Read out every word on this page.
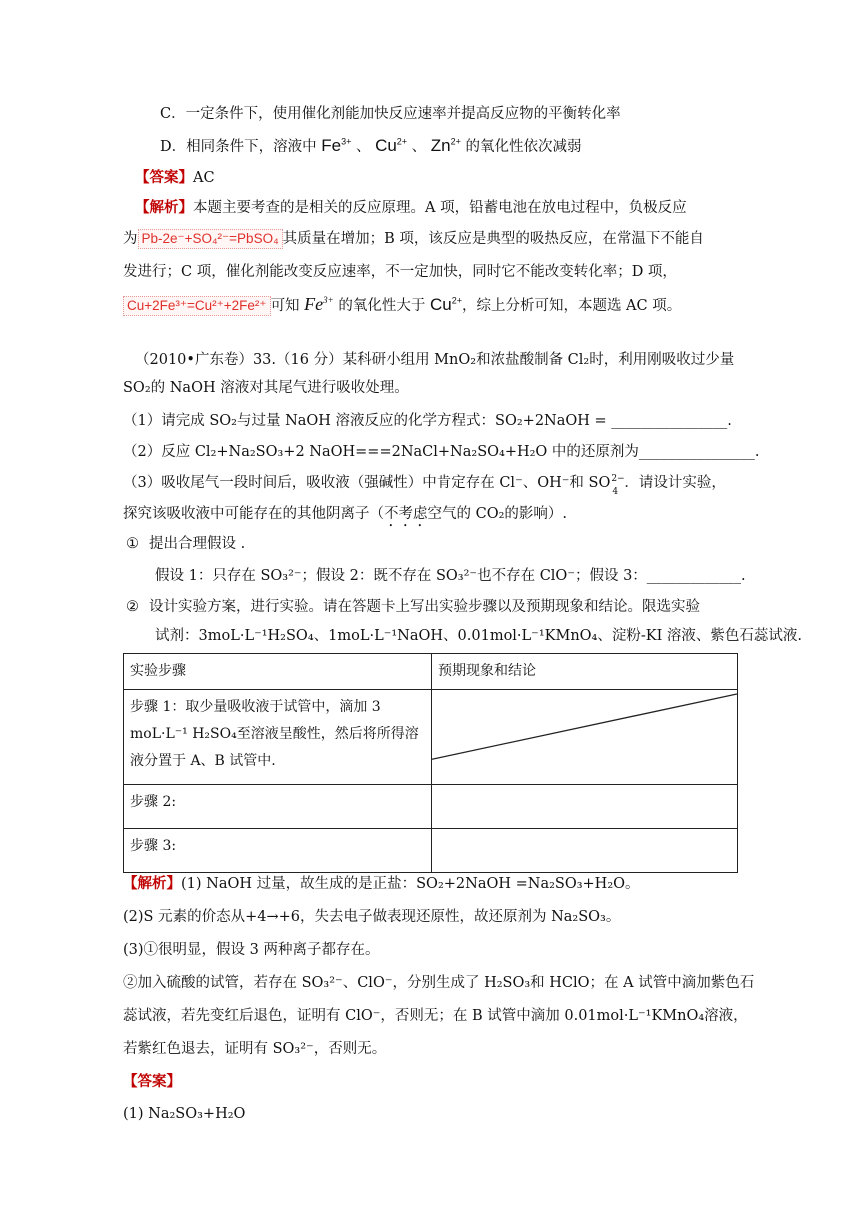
C．一定条件下，使用催化剂能加快反应速率并提高反应物的平衡转化率
D．相同条件下，溶液中 $Fe^{3+}$ 、 $Cu^{2+}$ 、 $Zn^{2+}$ 的氧化性依次减弱
【答案】AC
【解析】本题主要考查的是相关的反应原理。A 项，铅蓄电池在放电过程中，负极反应
为 Pb-2e⁻+SO₄²⁻=PbSO₄ 其质量在增加；B 项，该反应是典型的吸热反应，在常温下不能自
发进行；C 项，催化剂能改变反应速率，不一定加快，同时它不能改变转化率；D 项，
Cu+2Fe³⁺=Cu²⁺+2Fe²⁺ 可知 $Fe^{3+}$ 的氧化性大于 $Cu^{2+}$，综上分析可知，本题选 AC 项。
（2010•广东卷）33.（16 分）某科研小组用 MnO₂和浓盐酸制备 Cl₂时，利用刚吸收过少量
SO₂的 NaOH 溶液对其尾气进行吸收处理。
（1）请完成 SO₂与过量 NaOH 溶液反应的化学方程式：SO₂+2NaOH = ________________.
（2）反应 Cl₂+Na₂SO₃+2 NaOH===2NaCl+Na₂SO₄+H₂O 中的还原剂为________________.
（3）吸收尾气一段时间后，吸收液（强碱性）中肯定存在 Cl⁻、OH⁻和 SO 2−
4
．请设计实验，
探究该吸收液中可能存在的其他阴离子（不考虑空气的 CO₂的影响）.
① 提出合理假设 .
假设 1：只存在 SO₃²⁻；假设 2：既不存在 SO₃²⁻也不存在 ClO⁻；假设 3：_____________.
② 设计实验方案，进行实验。请在答题卡上写出实验步骤以及预期现象和结论。限选实验
试剂：3moL·L⁻¹H₂SO₄、1moL·L⁻¹NaOH、0.01mol·L⁻¹KMnO₄、淀粉-KI 溶液、紫色石蕊试液.
实验步骤	预期现象和结论
步骤 1：取少量吸收液于试管中，滴加 3 moL·L⁻¹ H₂SO₄至溶液呈酸性，然后将所得溶液分置于 A、B 试管中.	

步骤 2:	
步骤 3:	
【解析】(1) NaOH 过量，故生成的是正盐：SO₂+2NaOH =Na₂SO₃+H₂O。
(2)S 元素的价态从+4→+6，失去电子做表现还原性，故还原剂为 Na₂SO₃。
(3)①很明显，假设 3 两种离子都存在。
②加入硫酸的试管，若存在 SO₃²⁻、ClO⁻，分别生成了 H₂SO₃和 HClO；在 A 试管中滴加紫色石
蕊试液，若先变红后退色，证明有 ClO⁻，否则无；在 B 试管中滴加 0.01mol·L⁻¹KMnO₄溶液，
若紫红色退去，证明有 SO₃²⁻，否则无。
【答案】
(1) Na₂SO₃+H₂O
